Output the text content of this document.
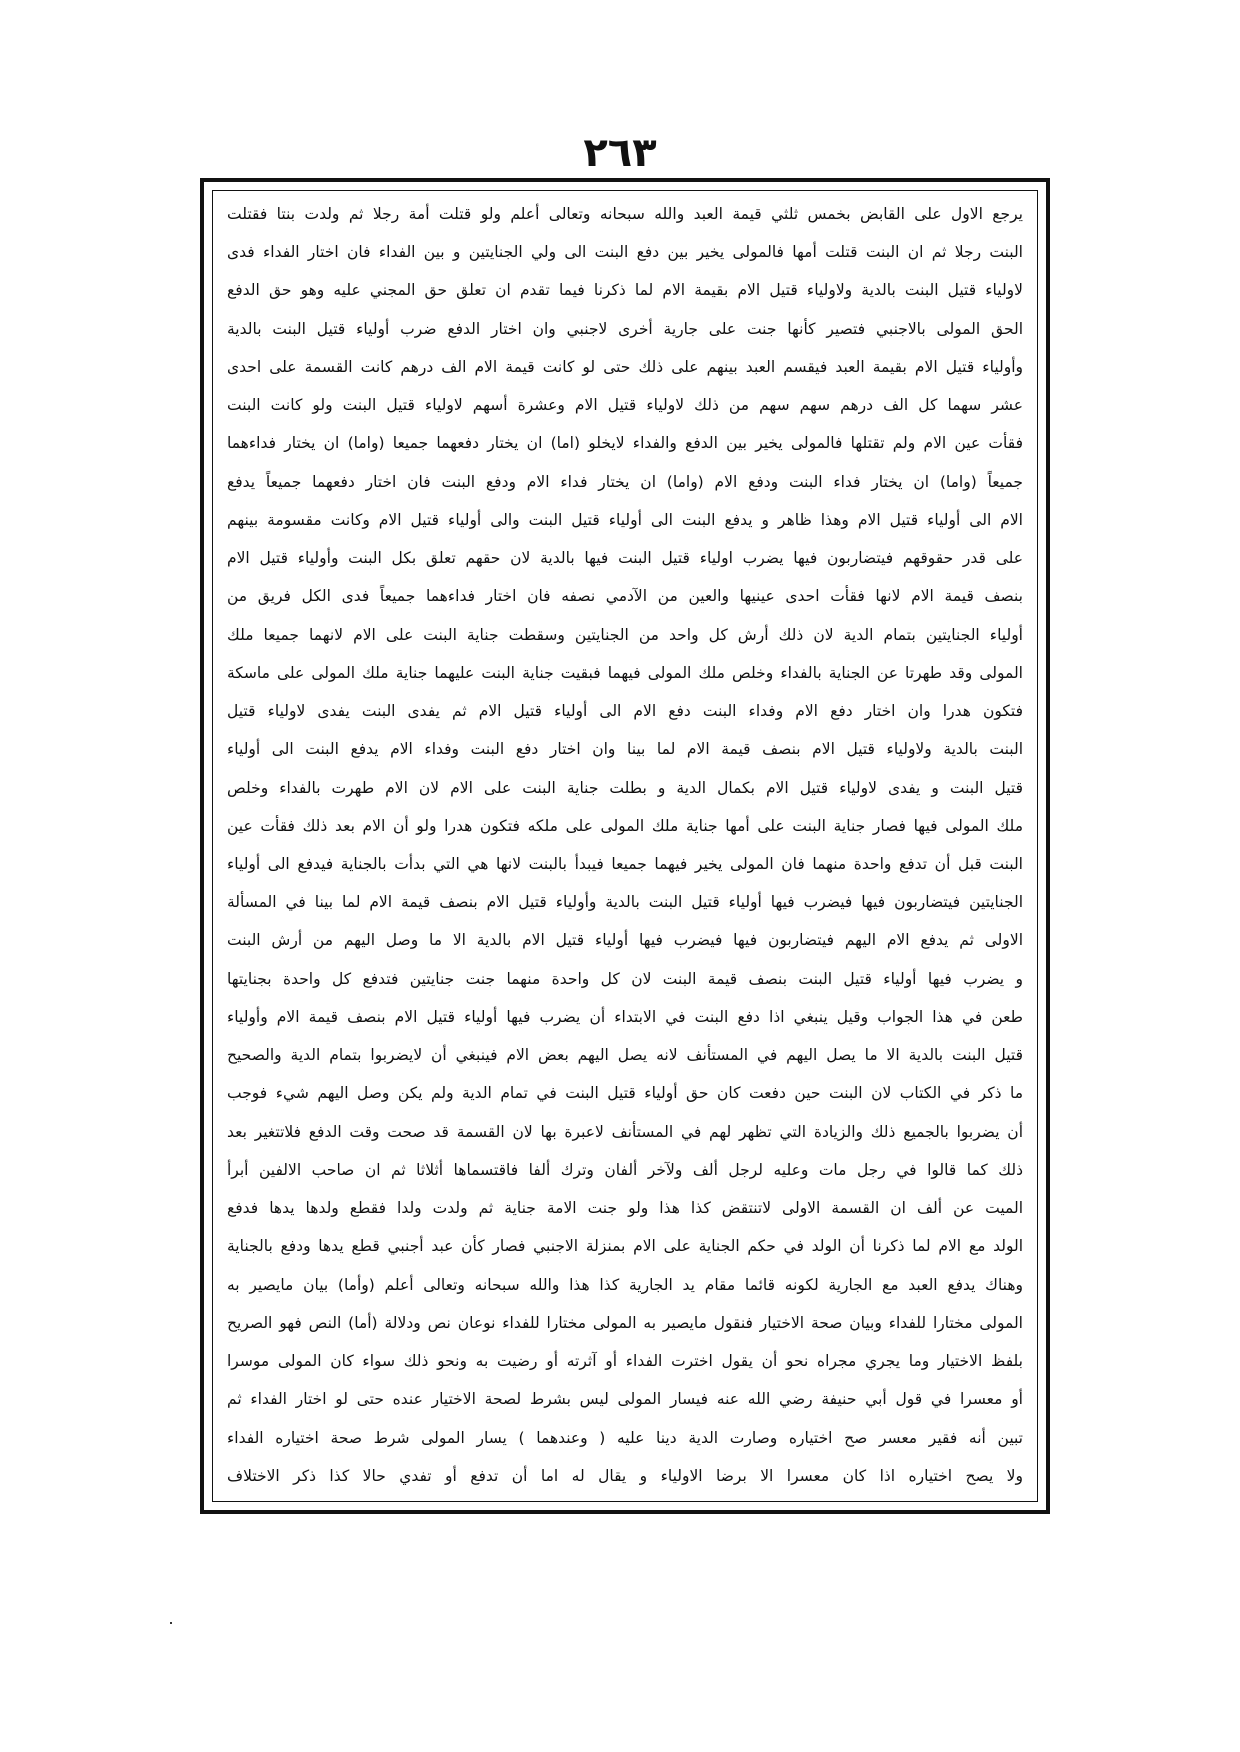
٢٦٣
يرجع الاول على القابض بخمس ثلثي قيمة العبد والله سبحانه وتعالى أعلم ولو قتلت أمة رجلا ثم ولدت بنتا فقتلت
البنت رجلا ثم ان البنت قتلت أمها فالمولى يخير بين دفع البنت الى ولي الجنايتين و بين الفداء فان اختار الفداء فدى
لاولياء قتيل البنت بالدية ولاولياء قتيل الام بقيمة الام لما ذكرنا فيما تقدم ان تعلق حق المجني عليه وهو حق الدفع
الحق المولى بالاجنبي فتصير كأنها جنت على جارية أخرى لاجنبي وان اختار الدفع ضرب أولياء قتيل البنت بالدية
وأولياء قتيل الام بقيمة العبد فيقسم العبد بينهم على ذلك حتى لو كانت قيمة الام الف درهم كانت القسمة على احدى
عشر سهما كل الف درهم سهم سهم من ذلك لاولياء قتيل الام وعشرة أسهم لاولياء قتيل البنت ولو كانت البنت
فقأت عين الام ولم تقتلها فالمولى يخير بين الدفع والفداء لايخلو (اما) ان يختار دفعهما جميعا (واما) ان يختار فداءهما
جميعاً (واما) ان يختار فداء البنت ودفع الام (واما) ان يختار فداء الام ودفع البنت فان اختار دفعهما جميعاً يدفع
الام الى أولياء قتيل الام وهذا ظاهر و يدفع البنت الى أولياء قتيل البنت والى أولياء قتيل الام وكانت مقسومة بينهم
على قدر حقوقهم فيتضاربون فيها يضرب اولياء قتيل البنت فيها بالدية لان حقهم تعلق بكل البنت وأولياء قتيل الام
بنصف قيمة الام لانها فقأت احدى عينيها والعين من الآدمي نصفه فان اختار فداءهما جميعاً فدى الكل فريق من
أولياء الجنايتين بتمام الدية لان ذلك أرش كل واحد من الجنايتين وسقطت جناية البنت على الام لانهما جميعا ملك
المولى وقد طهرتا عن الجناية بالفداء وخلص ملك المولى فيهما فبقيت جناية البنت عليهما جناية ملك المولى على ماسكة
فتكون هدرا وان اختار دفع الام وفداء البنت دفع الام الى أولياء قتيل الام ثم يفدى البنت يفدى لاولياء قتيل
البنت بالدية ولاولياء قتيل الام بنصف قيمة الام لما بينا وان اختار دفع البنت وفداء الام يدفع البنت الى أولياء
قتيل البنت و يفدى لاولياء قتيل الام بكمال الدية و بطلت جناية البنت على الام لان الام طهرت بالفداء وخلص
ملك المولى فيها فصار جناية البنت على أمها جناية ملك المولى على ملكه فتكون هدرا ولو أن الام بعد ذلك فقأت عين
البنت قبل أن تدفع واحدة منهما فان المولى يخير فيهما جميعا فيبدأ بالبنت لانها هي التي بدأت بالجناية فيدفع الى أولياء
الجنايتين فيتضاربون فيها فيضرب فيها أولياء قتيل البنت بالدية وأولياء قتيل الام بنصف قيمة الام لما بينا في المسألة
الاولى ثم يدفع الام اليهم فيتضاربون فيها فيضرب فيها أولياء قتيل الام بالدية الا ما وصل اليهم من أرش البنت
و يضرب فيها أولياء قتيل البنت بنصف قيمة البنت لان كل واحدة منهما جنت جنايتين فتدفع كل واحدة بجنايتها
طعن في هذا الجواب وقيل ينبغي اذا دفع البنت في الابتداء أن يضرب فيها أولياء قتيل الام بنصف قيمة الام وأولياء
قتيل البنت بالدية الا ما يصل اليهم في المستأنف لانه يصل اليهم بعض الام فينبغي أن لايضربوا بتمام الدية والصحيح
ما ذكر في الكتاب لان البنت حين دفعت كان حق أولياء قتيل البنت في تمام الدية ولم يكن وصل اليهم شيء فوجب
أن يضربوا بالجميع ذلك والزيادة التي تظهر لهم في المستأنف لاعبرة بها لان القسمة قد صحت وقت الدفع فلاتتغير بعد
ذلك كما قالوا في رجل مات وعليه لرجل ألف ولآخر ألفان وترك ألفا فاقتسماها أثلاثا ثم ان صاحب الالفين أبرأ
الميت عن ألف ان القسمة الاولى لاتنتقض كذا هذا ولو جنت الامة جناية ثم ولدت ولدا فقطع ولدها يدها فدفع
الولد مع الام لما ذكرنا أن الولد في حكم الجناية على الام بمنزلة الاجنبي فصار كأن عبد أجنبي قطع يدها ودفع بالجناية
وهناك يدفع العبد مع الجارية لكونه قائما مقام يد الجارية كذا هذا والله سبحانه وتعالى أعلم (وأما) بيان مايصير به
المولى مختارا للفداء وبيان صحة الاختيار فنقول مايصير به المولى مختارا للفداء نوعان نص ودلالة (أما) النص فهو الصريح
بلفظ الاختيار وما يجري مجراه نحو أن يقول اخترت الفداء أو آثرته أو رضيت به ونحو ذلك سواء كان المولى موسرا
أو معسرا في قول أبي حنيفة رضي الله عنه فيسار المولى ليس بشرط لصحة الاختيار عنده حتى لو اختار الفداء ثم
تبين أنه فقير معسر صح اختياره وصارت الدية دينا عليه ( وعندهما ) يسار المولى شرط صحة اختياره الفداء
ولا يصح اختياره اذا كان معسرا الا برضا الاولياء و يقال له اما أن تدفع أو تفدي حالا كذا ذكر الاختلاف
